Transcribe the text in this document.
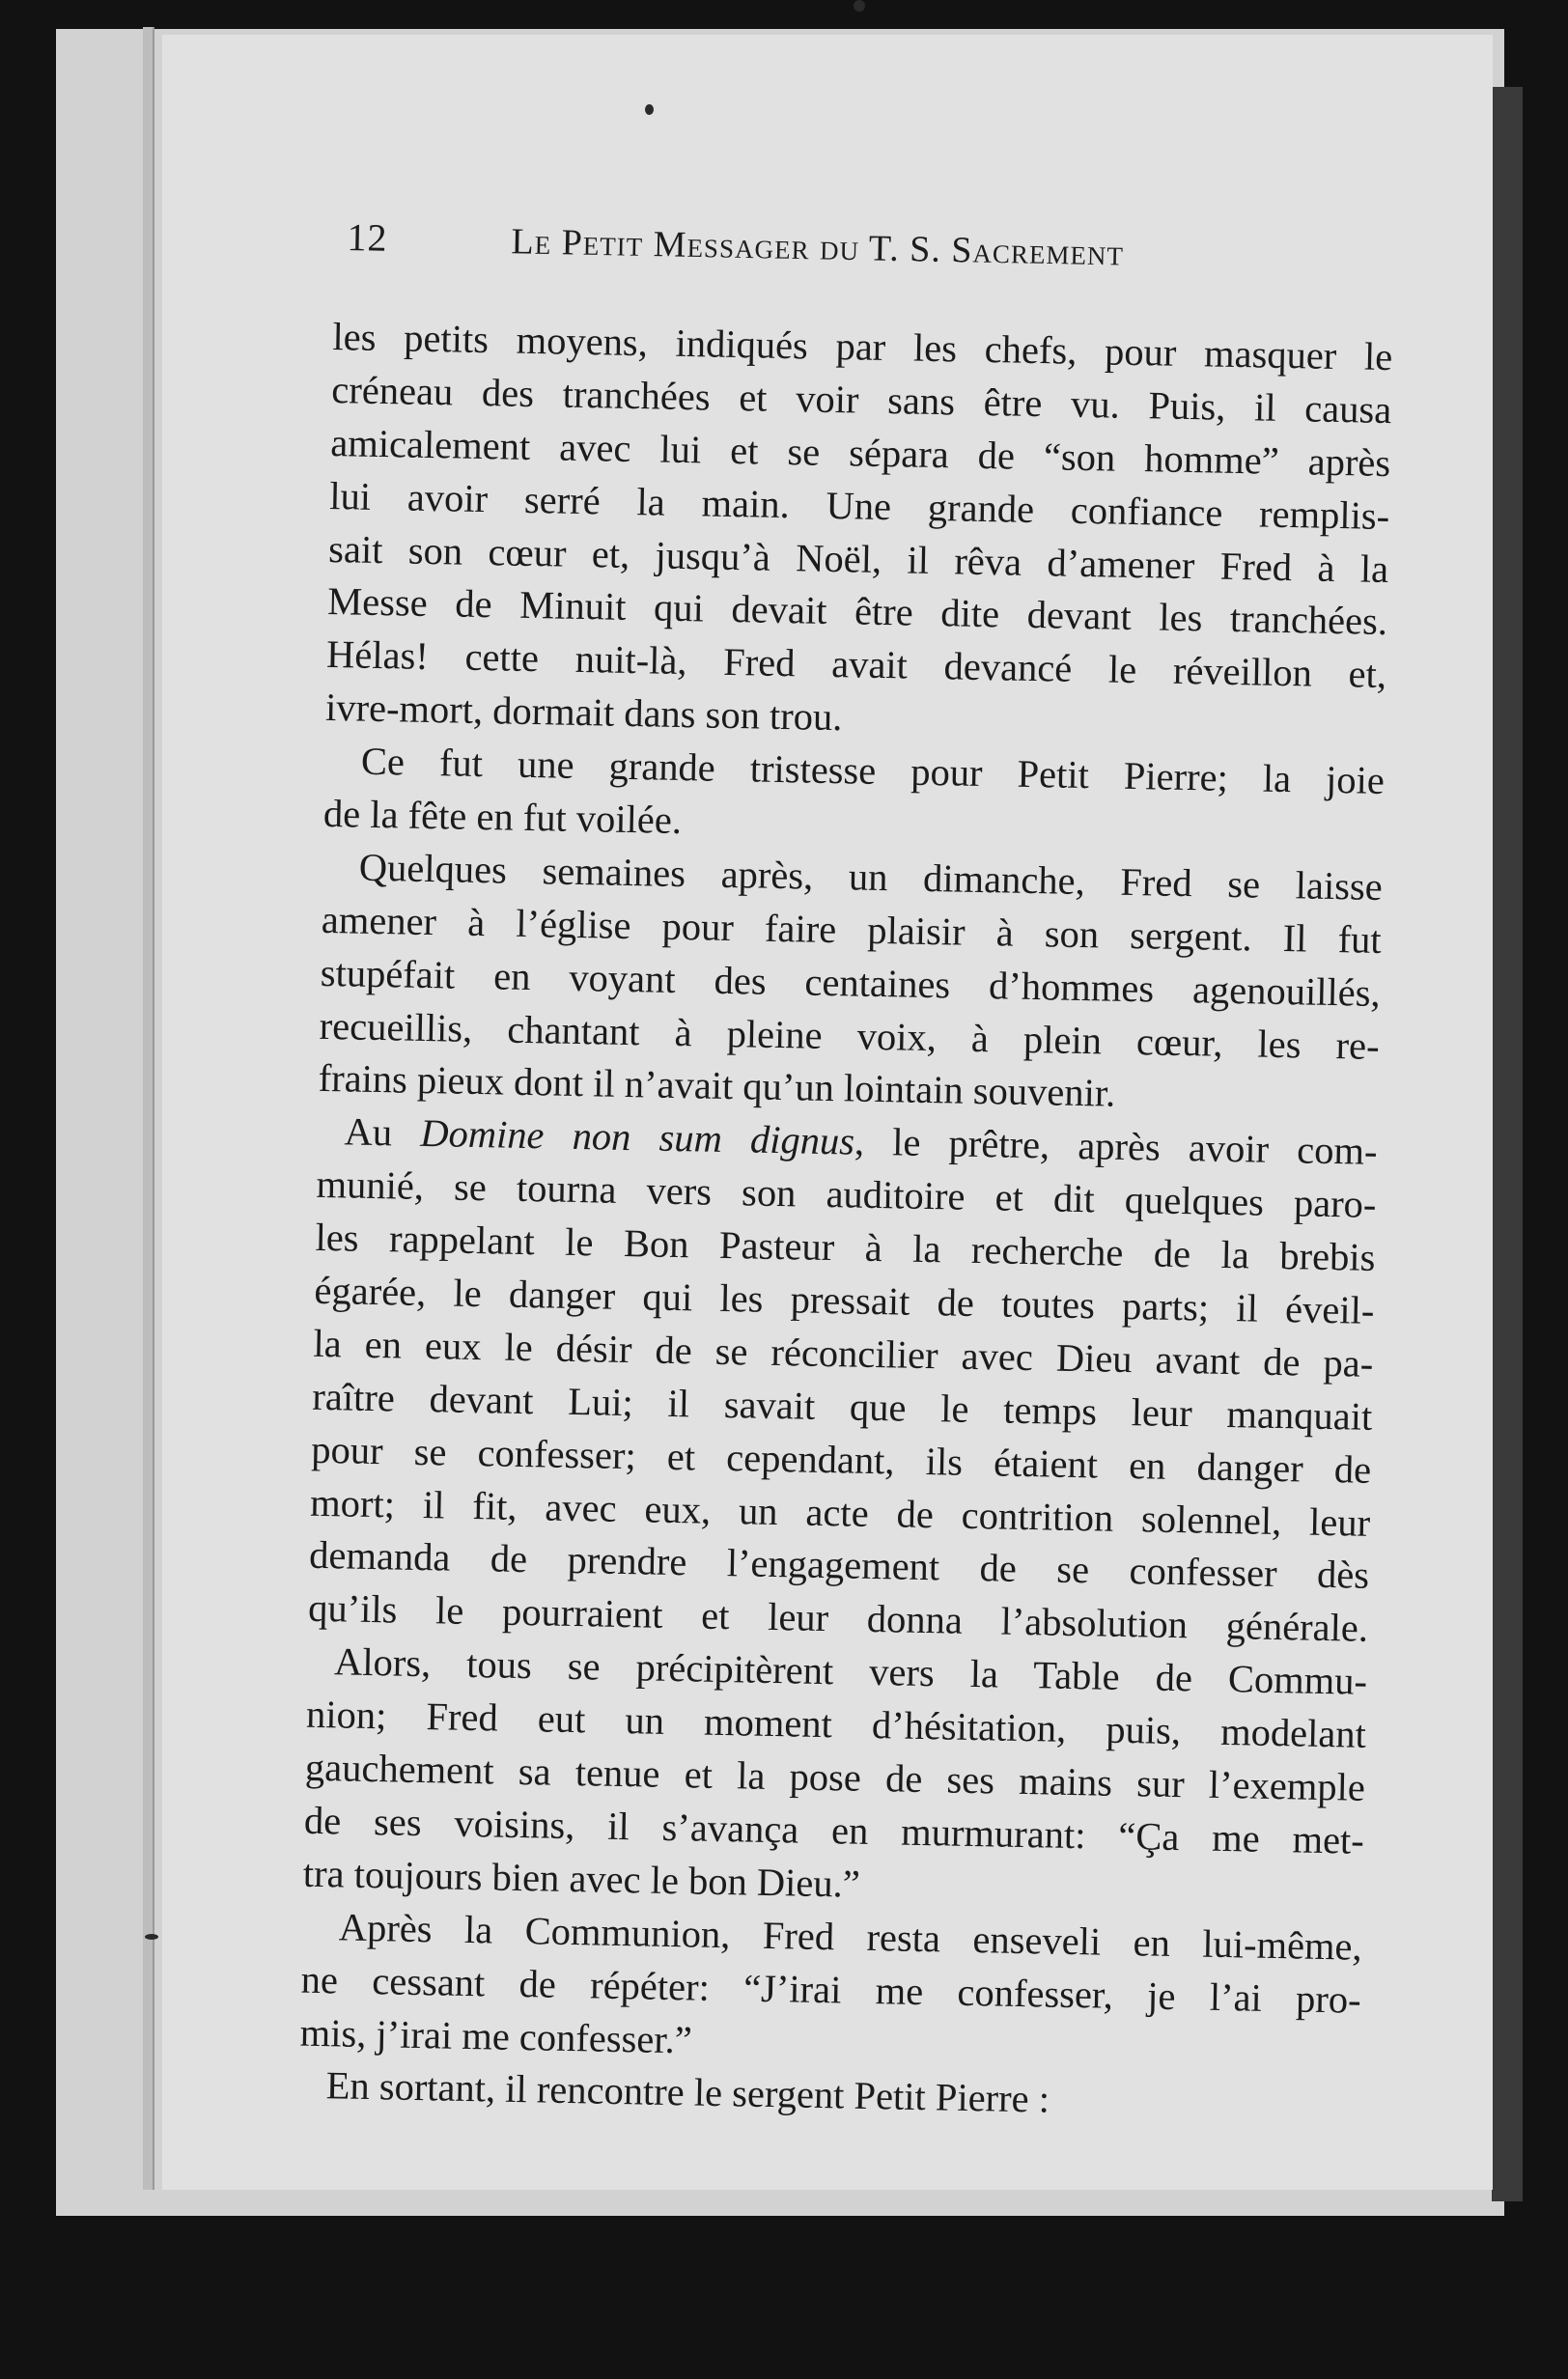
12	Le Petit Messager du T. S. Sacrement
les petits moyens, indiqués par les chefs, pour masquer le
créneau des tranchées et voir sans être vu. Puis, il causa
amicalement avec lui et se sépara de “son homme” après
lui avoir serré la main. Une grande confiance remplis-
sait son cœur et, jusqu’à Noël, il rêva d’amener Fred à la
Messe de Minuit qui devait être dite devant les tranchées.
Hélas! cette nuit-là, Fred avait devancé le réveillon et,
ivre-mort, dormait dans son trou.
Ce fut une grande tristesse pour Petit Pierre; la joie
de la fête en fut voilée.
Quelques semaines après, un dimanche, Fred se laisse
amener à l’église pour faire plaisir à son sergent. Il fut
stupéfait en voyant des centaines d’hommes agenouillés,
recueillis, chantant à pleine voix, à plein cœur, les re-
frains pieux dont il n’avait qu’un lointain souvenir.
Au Domine non sum dignus, le prêtre, après avoir com-
munié, se tourna vers son auditoire et dit quelques paro-
les rappelant le Bon Pasteur à la recherche de la brebis
égarée, le danger qui les pressait de toutes parts; il éveil-
la en eux le désir de se réconcilier avec Dieu avant de pa-
raître devant Lui; il savait que le temps leur manquait
pour se confesser; et cependant, ils étaient en danger de
mort; il fit, avec eux, un acte de contrition solennel, leur
demanda de prendre l’engagement de se confesser dès
qu’ils le pourraient et leur donna l’absolution générale.
Alors, tous se précipitèrent vers la Table de Commu-
nion; Fred eut un moment d’hésitation, puis, modelant
gauchement sa tenue et la pose de ses mains sur l’exemple
de ses voisins, il s’avança en murmurant: “Ça me met-
tra toujours bien avec le bon Dieu.”
Après la Communion, Fred resta enseveli en lui-même,
ne cessant de répéter: “J’irai me confesser, je l’ai pro-
mis, j’irai me confesser.”
En sortant, il rencontre le sergent Petit Pierre :
